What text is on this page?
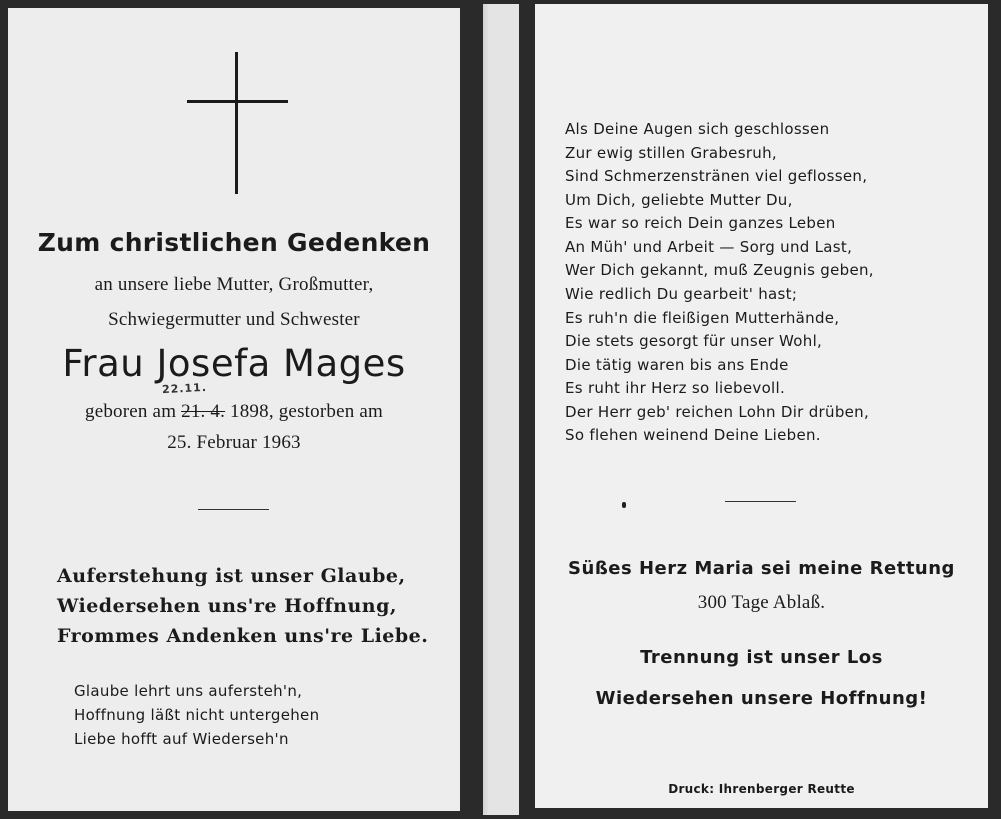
Zum christlichen Gedenken
an unsere liebe Mutter, Großmutter,
Schwiegermutter und Schwester
Frau Josefa Mages
22.11.
geboren am 21. 4. 1898, gestorben am
25. Februar 1963
Auferstehung ist unser Glaube,
Wiedersehen uns're Hoffnung,
Frommes Andenken uns're Liebe.
Glaube lehrt uns aufersteh'n,
Hoffnung läßt nicht untergehen
Liebe hofft auf Wiederseh'n
Als Deine Augen sich geschlossen
Zur ewig stillen Grabesruh,
Sind Schmerzenstränen viel geflossen,
Um Dich, geliebte Mutter Du,
Es war so reich Dein ganzes Leben
An Müh' und Arbeit — Sorg und Last,
Wer Dich gekannt, muß Zeugnis geben,
Wie redlich Du gearbeit' hast;
Es ruh'n die fleißigen Mutterhände,
Die stets gesorgt für unser Wohl,
Die tätig waren bis ans Ende
Es ruht ihr Herz so liebevoll.
Der Herr geb' reichen Lohn Dir drüben,
So flehen weinend Deine Lieben.
Süßes Herz Maria sei meine Rettung
300 Tage Ablaß.
Trennung ist unser Los
Wiedersehen unsere Hoffnung!
Druck: Ihrenberger Reutte
